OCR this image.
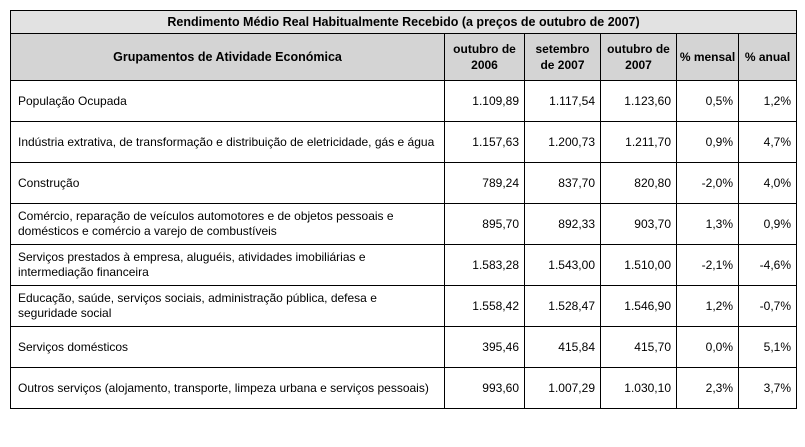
Rendimento Médio Real Habitualmente Recebido (a preços de outubro de 2007)					
Grupamentos de Atividade Económica	outubro de 2006	setembro de 2007	outubro de 2007	% mensal	% anual
População Ocupada	1.109,89	1.117,54	1.123,60	0,5%	1,2%
Indústria extrativa, de transformação e distribuição de eletricidade, gás e água	1.157,63	1.200,73	1.211,70	0,9%	4,7%
Construção	789,24	837,70	820,80	-2,0%	4,0%
Comércio, reparação de veículos automotores e de objetos pessoais e domésticos e comércio a varejo de combustíveis	895,70	892,33	903,70	1,3%	0,9%
Serviços prestados à empresa, aluguéis, atividades imobiliárias e intermediação financeira	1.583,28	1.543,00	1.510,00	-2,1%	-4,6%
Educação, saúde, serviços sociais, administração pública, defesa e seguridade social	1.558,42	1.528,47	1.546,90	1,2%	-0,7%
Serviços domésticos	395,46	415,84	415,70	0,0%	5,1%
Outros serviços (alojamento, transporte, limpeza urbana e serviços pessoais)	993,60	1.007,29	1.030,10	2,3%	3,7%
